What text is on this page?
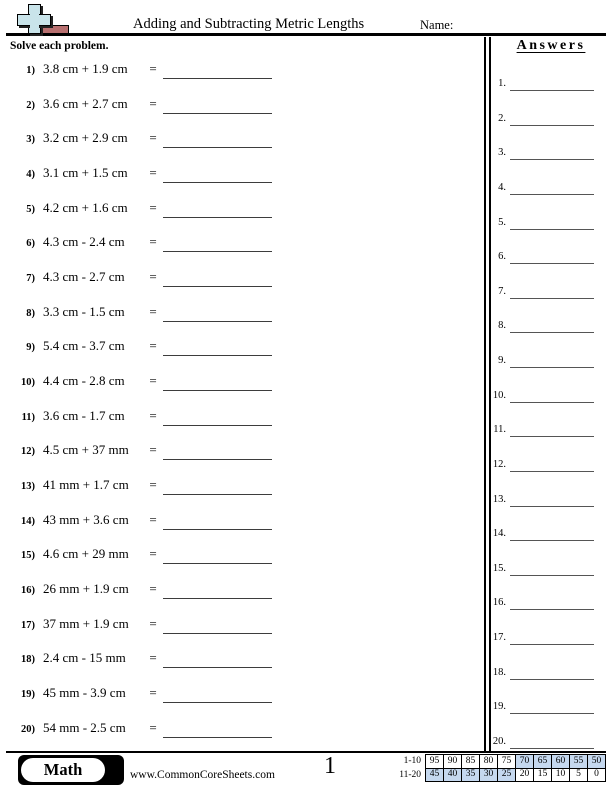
Adding and Subtracting Metric Lengths	Name:
Solve each problem.	Answers
1) 3.8 cm + 1.9 cm	=
2) 3.6 cm + 2.7 cm	=
3) 3.2 cm + 2.9 cm	=
4) 3.1 cm + 1.5 cm	=
5) 4.2 cm + 1.6 cm	=
6) 4.3 cm - 2.4 cm	=
7) 4.3 cm - 2.7 cm	=
8) 3.3 cm - 1.5 cm	=
9) 5.4 cm - 3.7 cm	=
10) 4.4 cm - 2.8 cm	=
11) 3.6 cm - 1.7 cm	=
12) 4.5 cm + 37 mm	=
13) 41 mm + 1.7 cm	=
14) 43 mm + 3.6 cm	=
15) 4.6 cm + 29 mm	=
16) 26 mm + 1.9 cm	=
17) 37 mm + 1.9 cm	=
18) 2.4 cm - 15 mm	=
19) 45 mm - 3.9 cm	=
20) 54 mm - 2.5 cm	=
1.
2.
3.
4.
5.
6.
7.
8.
9.
10.
11.
12.
13.
14.
15.
16.
17.
18.
19.
20.
Math	www.CommonCoreSheets.com	1	1-10	95	90	85	80	75	70	65	60	55	50
11-20	45	40	35	30	25	20	15	10	5	0
